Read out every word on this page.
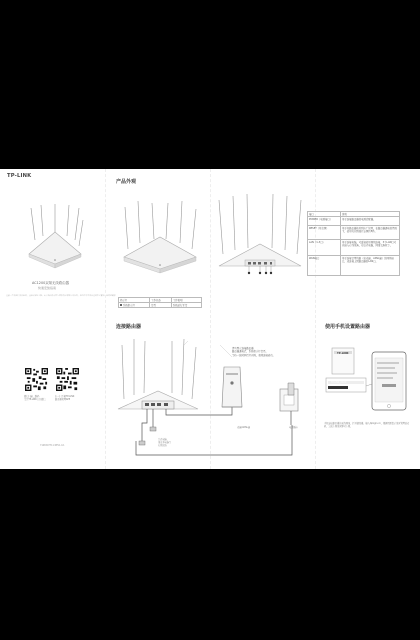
TP-LINK
AC1200双频无线路由器
快速安装指南
注意：产品图片仅供参考，具体以实物为准。本文档所有内容为普联技术有限公司所有，未经许可不得以任何形式复制、改编或翻译
微信扫描二维码
关注TP-LINK官方微信
扫一扫下载TP-LINK
路由器管理APP
7106507711 REV1.0.1
产品外观
指示灯	工作状态	工作说明
系统指示灯	常亮	系统运行正常
接口	说明
POWER（电源接口）	用于连接路由器的电源适配器。
RESET（复位键）	用于将路由器恢复到出厂设置，在路由器通电的情况下，使用尖状物按住该键约5秒。
LAN（1-3口）	用于连接电脑，可直接使用网线连接，3个LAN口可以接入有线设备，如台式电脑，网络交换机等。
WAN接口	用于连接宽带线路（如光猫、ADSL猫）的网线接口，或连接上级路由器的LAN口。
连接路由器
请勿图示连接路由器
路由器通电后，系统指示灯常亮。
等待一段时间后灯闪烁，表明连接成功。
台式电脑、
笔记本电脑等
有线设备
光猫/ADSL猫	电源插座
使用手机设置路由器
TP-LINK
TP-LINK_XXXX
手机连接路由器的无线网络，打开浏览器，输入tplogin.cn，根据页面提示设置管理员密码，完成上网设置即可上网。
